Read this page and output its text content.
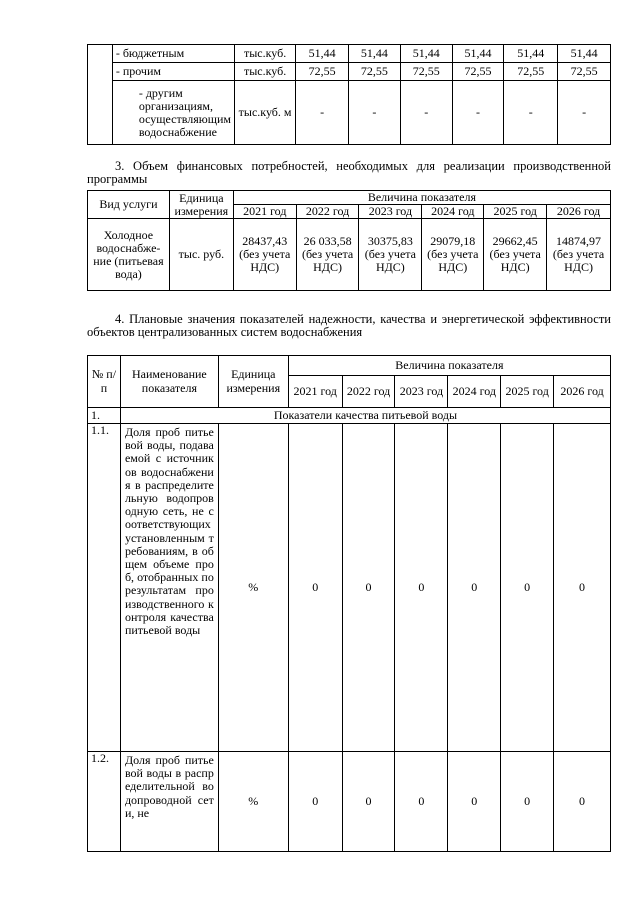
	- бюджетным	тыс.куб.	51,44	51,44	51,44	51,44	51,44	51,44
	- прочим	тыс.куб.	72,55	72,55	72,55	72,55	72,55	72,55
	- другим организациям, осуществляющим водоснабжение	тыс.куб. м	-	-	-	-	-	-

3. Объем финансовых потребностей, необходимых для реализации производственной программы

Вид услуги	Единица измерения	Величина показателя					
		2021 год	2022 год	2023 год	2024 год	2025 год	2026 год
Холодное водоснабже-ние (питьевая вода)	тыс. руб.	28437,43 (без учета НДС)	26 033,58 (без учета НДС)	30375,83 (без учета НДС)	29079,18 (без учета НДС)	29662,45 (без учета НДС)	14874,97 (без учета НДС)

4. Плановые значения показателей надежности, качества и энергетической эффективности объектов централизованных систем водоснабжения

№ п/п	Наименование показателя	Единица измерения	Величина показателя					
			2021 год	2022 год	2023 год	2024 год	2025 год	2026 год
1.	Показатели качества питьевой воды							
1.1.	Доля проб питьевой воды, подаваемой с источников водоснабжения в распределительную водопроводную сеть, не соответствующих установленным требованиям, в общем объеме проб, отобранных по результатам производственного контроля качества питьевой воды	%	0	0	0	0	0	0
1.2.	Доля проб питьевой воды в распределительной водопроводной сети, не	%	0	0	0	0	0	0
